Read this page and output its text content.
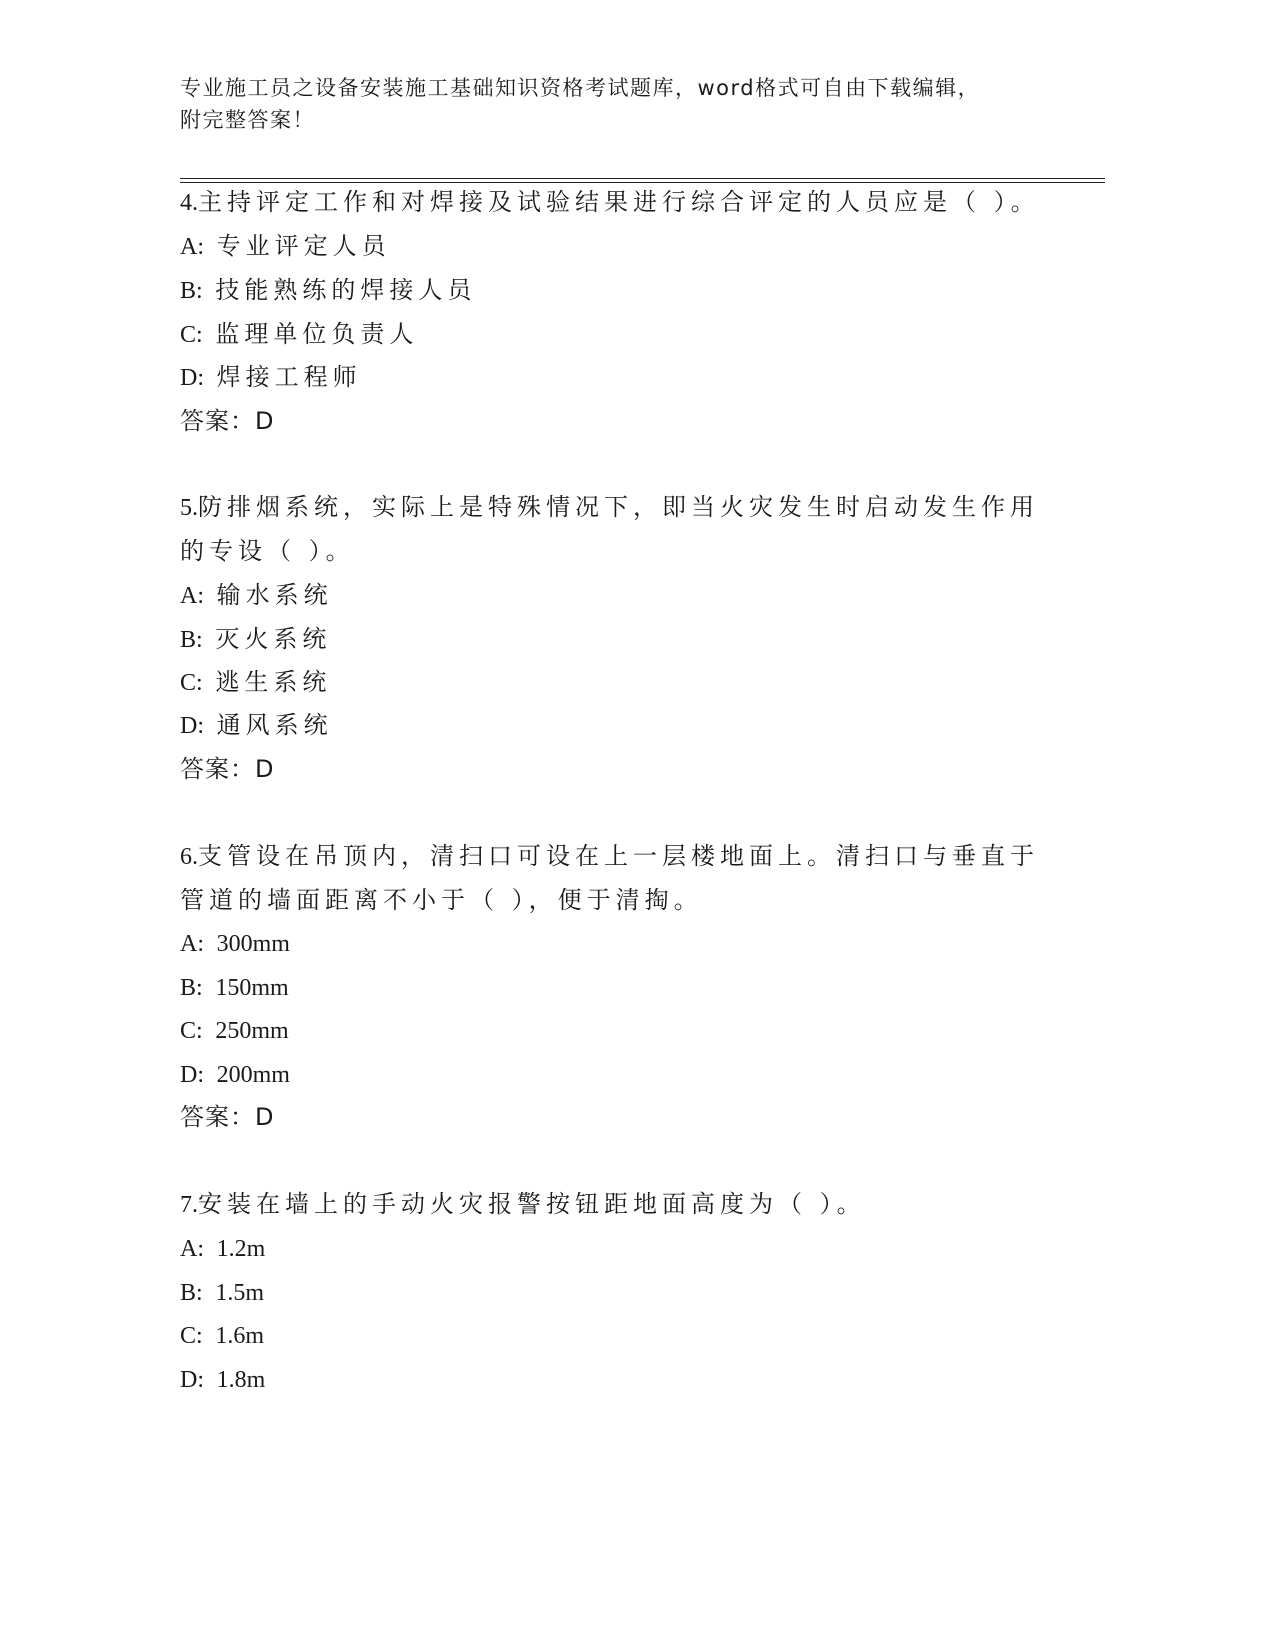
专业施工员之设备安装施工基础知识资格考试题库，word格式可自由下载编辑，
附完整答案！
4.主持评定工作和对焊接及试验结果进行综合评定的人员应是（ ）。
A: 专业评定人员
B: 技能熟练的焊接人员
C: 监理单位负责人
D: 焊接工程师
答案：D
5.防排烟系统，实际上是特殊情况下，即当火灾发生时启动发生作用
的专设（ ）。
A: 输水系统
B: 灭火系统
C: 逃生系统
D: 通风系统
答案：D
6.支管设在吊顶内，清扫口可设在上一层楼地面上。清扫口与垂直于
管道的墙面距离不小于（ ），便于清掏。
A: 300mm
B: 150mm
C: 250mm
D: 200mm
答案：D
7.安装在墙上的手动火灾报警按钮距地面高度为（ ）。
A: 1.2m
B: 1.5m
C: 1.6m
D: 1.8m
